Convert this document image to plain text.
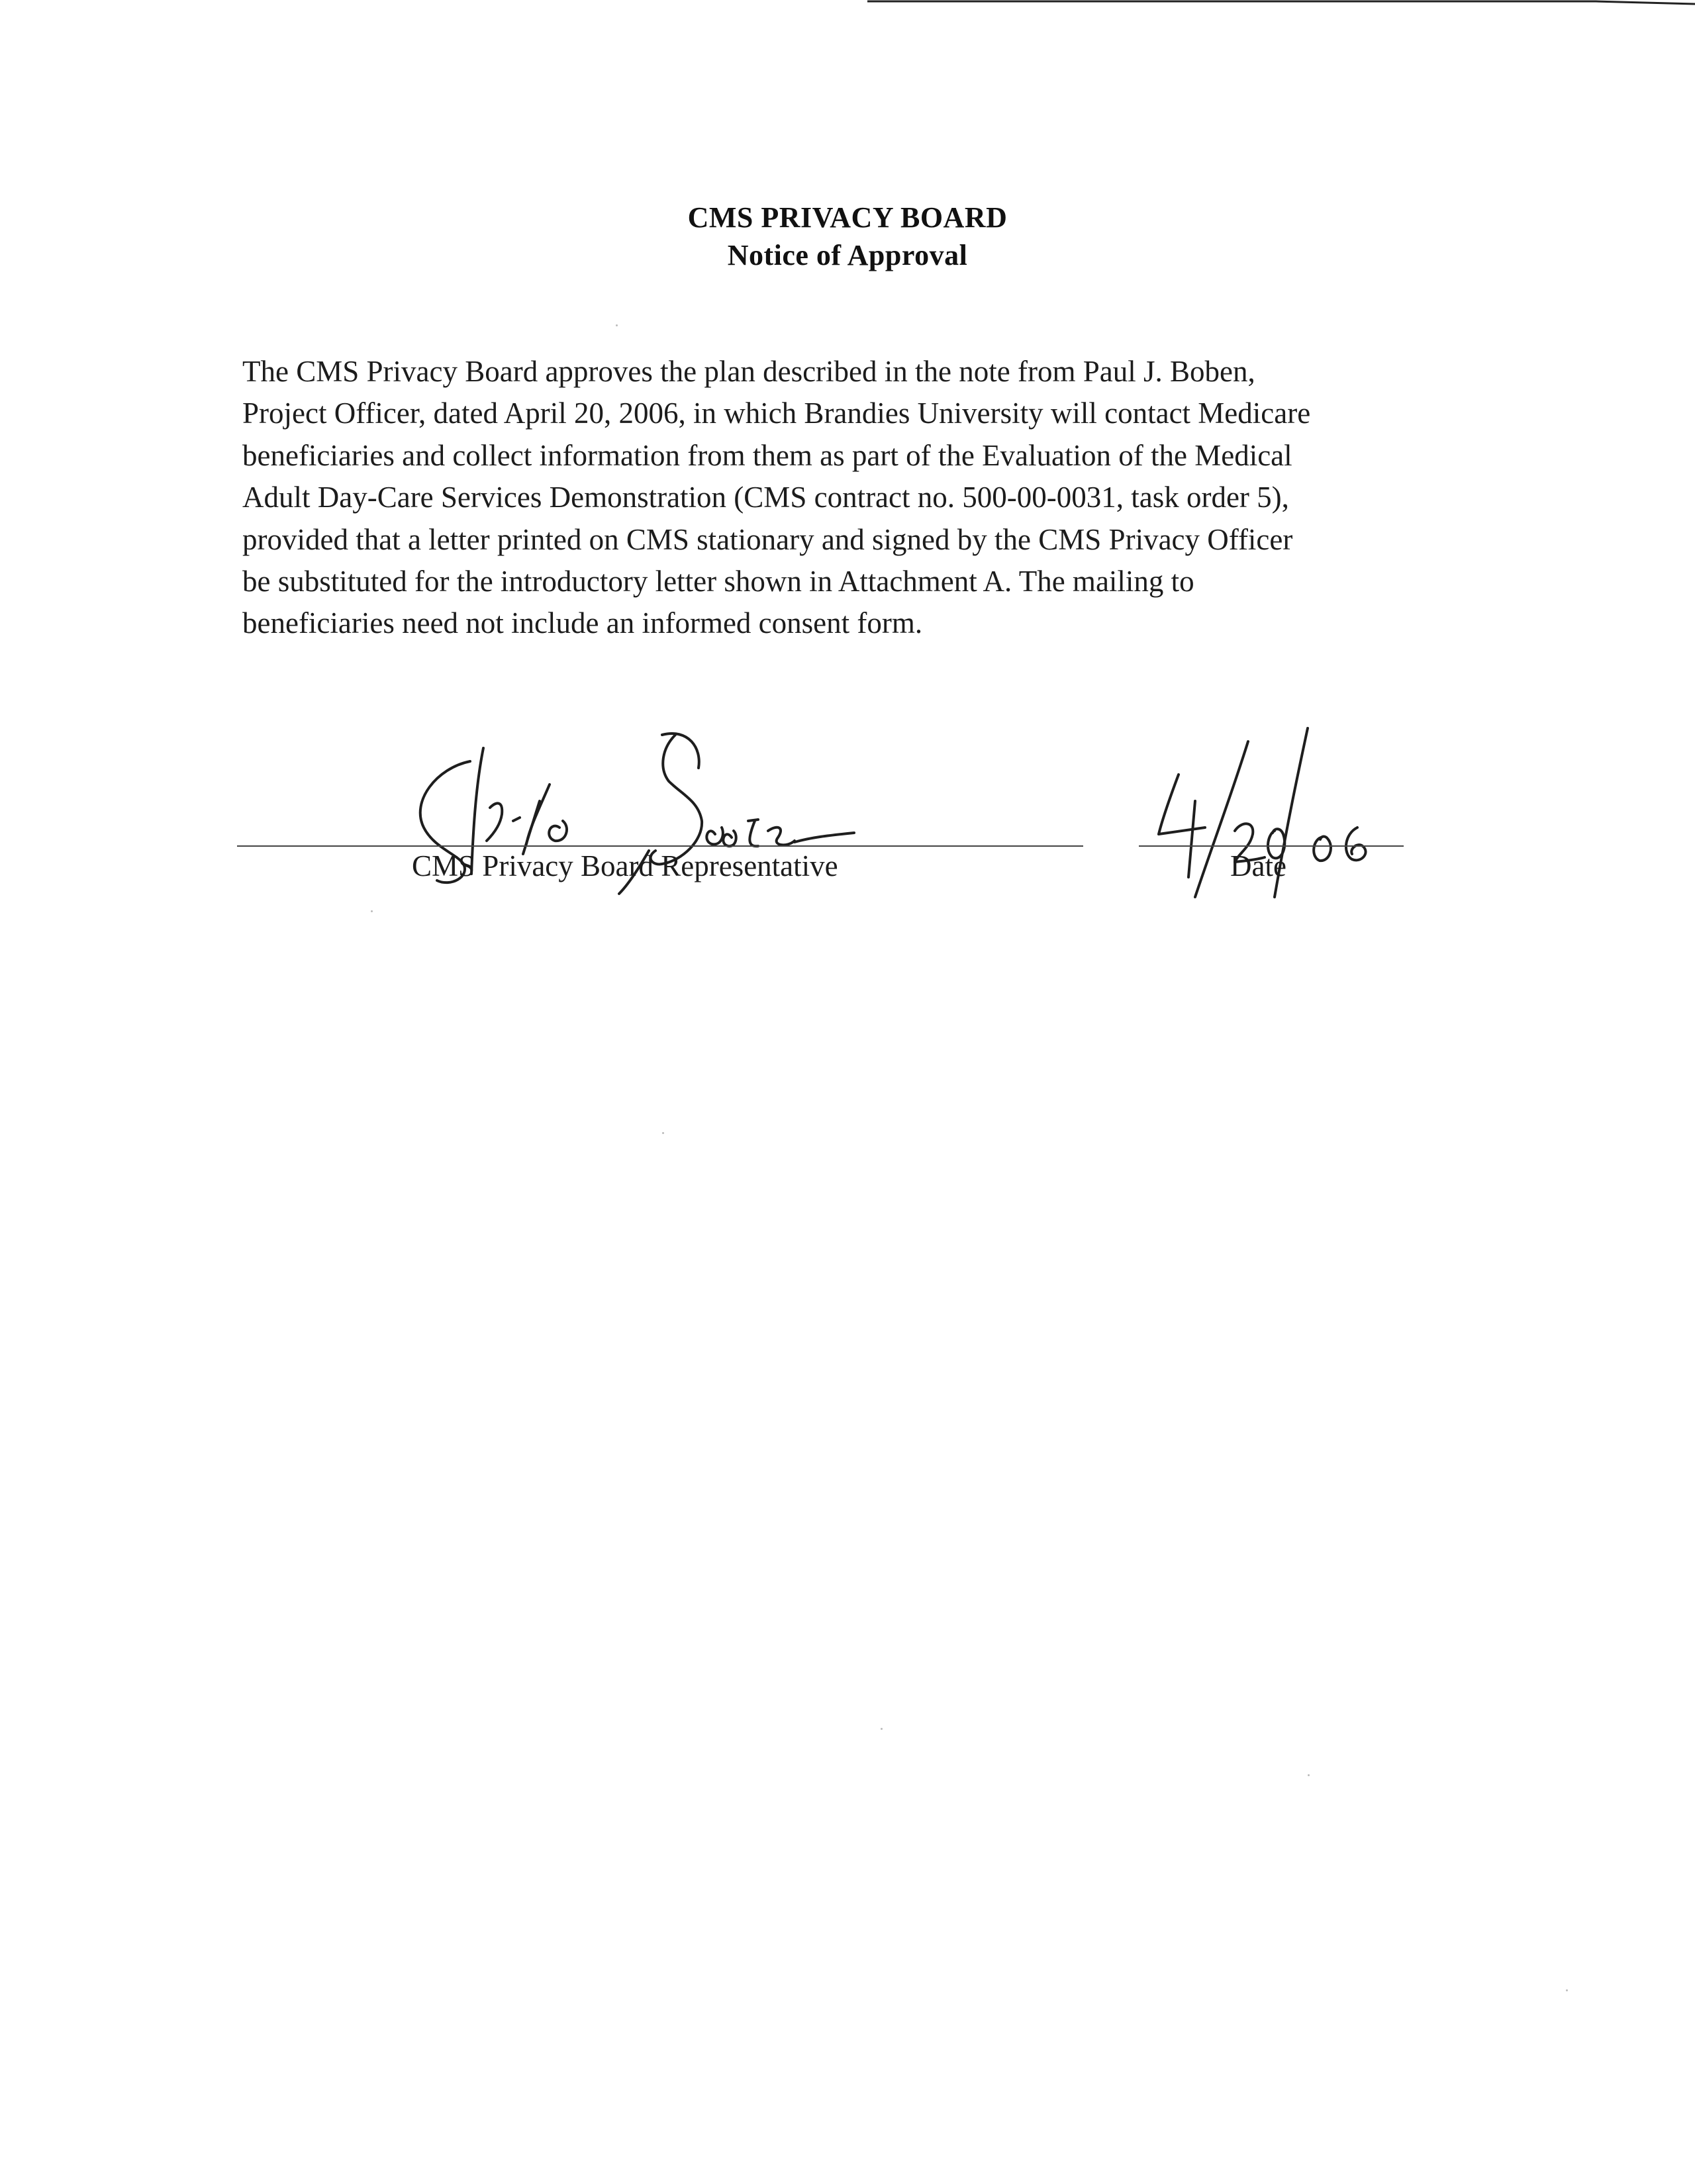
CMS PRIVACY BOARD
Notice of Approval
The CMS Privacy Board approves the plan described in the note from Paul J. Boben,
Project Officer, dated April 20, 2006, in which Brandies University will contact Medicare
beneficiaries and collect information from them as part of the Evaluation of the Medical
Adult Day-Care Services Demonstration (CMS contract no. 500-00-0031, task order 5),
provided that a letter printed on CMS stationary and signed by the CMS Privacy Officer
be substituted for the introductory letter shown in Attachment A. The mailing to
beneficiaries need not include an informed consent form.
CMS Privacy Board Representative	Date
